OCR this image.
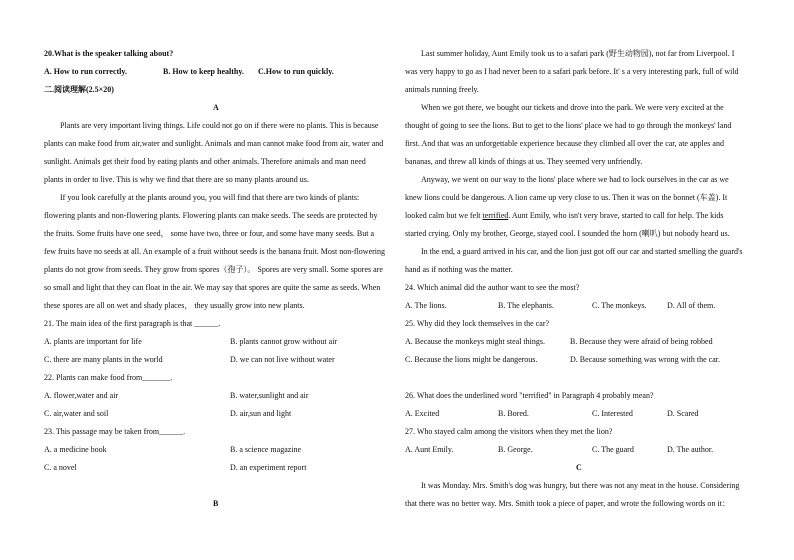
20.What is the speaker talking about?
A. How to run correctly.	B. How to keep healthy. C.How to run quickly.
二.阅读理解(2.5×20)
A
Plants are very important living things. Life could not go on if there were no plants. This is because
plants can make food from air,water and sunlight. Animals and man cannot make food from air, water and
sunlight. Animals get their food by eating plants and other animals. Therefore animals and man need
plants in order to live. This is why we find that there are so many plants around us.
If you look carefully at the plants around you, you will find that there are two kinds of plants:
flowering plants and non-flowering plants. Flowering plants can make seeds. The seeds are protected by
the fruits. Some fruits have one seed， some have two, three or four, and some have many seeds. But a
few fruits have no seeds at all. An example of a fruit without seeds is the banana fruit. Most non-flowering
plants do not grow from seeds. They grow from spores（孢子）。 Spores are very small. Some spores are
so small and light that they can float in the air. We may say that spores are quite the same as seeds. When
these spores are all on wet and shady places， they usually grow into new plants.
21. The main idea of the first paragraph is that ______.
A. plants are important for life	B. plants cannot grow without air
C. there are many plants in the world	D. we can not live without water
22. Plants can make food from_______.
A. flower,water and air	B. water,sunlight and air
C. air,water and soil	D. air,sun and light
23. This passage may be taken from______.
A. a medicine book	B. a science magazine
C. a novel	D. an experiment report
B
Last summer holiday, Aunt Emily took us to a safari park (野生动物园), not far from Liverpool. I
was very happy to go as I had never been to a safari park before. It' s a very interesting park, full of wild
animals running freely.
When we got there, we bought our tickets and drove into the park. We were very excited at the
thought of going to see the lions. But to get to the lions' place we had to go through the monkeys' land
first. And that was an unforgettable experience because they climbed all over the car, ate apples and
bananas, and threw all kinds of things at us. They seemed very unfriendly.
Anyway, we went on our way to the lions' place where we had to lock ourselves in the car as we
knew lions could be dangerous. A lion came up very close to us. Then it was on the bonnet (车盖). It
looked calm but we felt terrified. Aunt Emily, who isn't very brave, started to call for help. The kids
started crying. Only my brother, George, stayed cool. I sounded the horn (喇叭) but nobody heard us.
In the end, a guard arrived in his car, and the lion just got off our car and started smelling the guard's
hand as if nothing was the matter.
24. Which animal did the author want to see the most?
A. The lions.	B. The elephants.	C. The monkeys.	D. All of them.
25. Why did they lock themselves in the car?
A. Because the monkeys might steal things.	B. Because they were afraid of being robbed
C. Because the lions might be dangerous.	D. Because something was wrong with the car.
26. What does the underlined word "terrified" in Paragraph 4 probably mean?
A. Excited	B. Bored.	C. Interested	D. Scared
27. Who stayed calm among the visitors when they met the lion?
A. Aunt Emily.	B. George.	C. The guard	D. The author.
C
It was Monday. Mrs. Smith's dog was hungry, but there was not any meat in the house. Considering
that there was no better way. Mrs. Smith took a piece of paper, and wrote the following words on it：
